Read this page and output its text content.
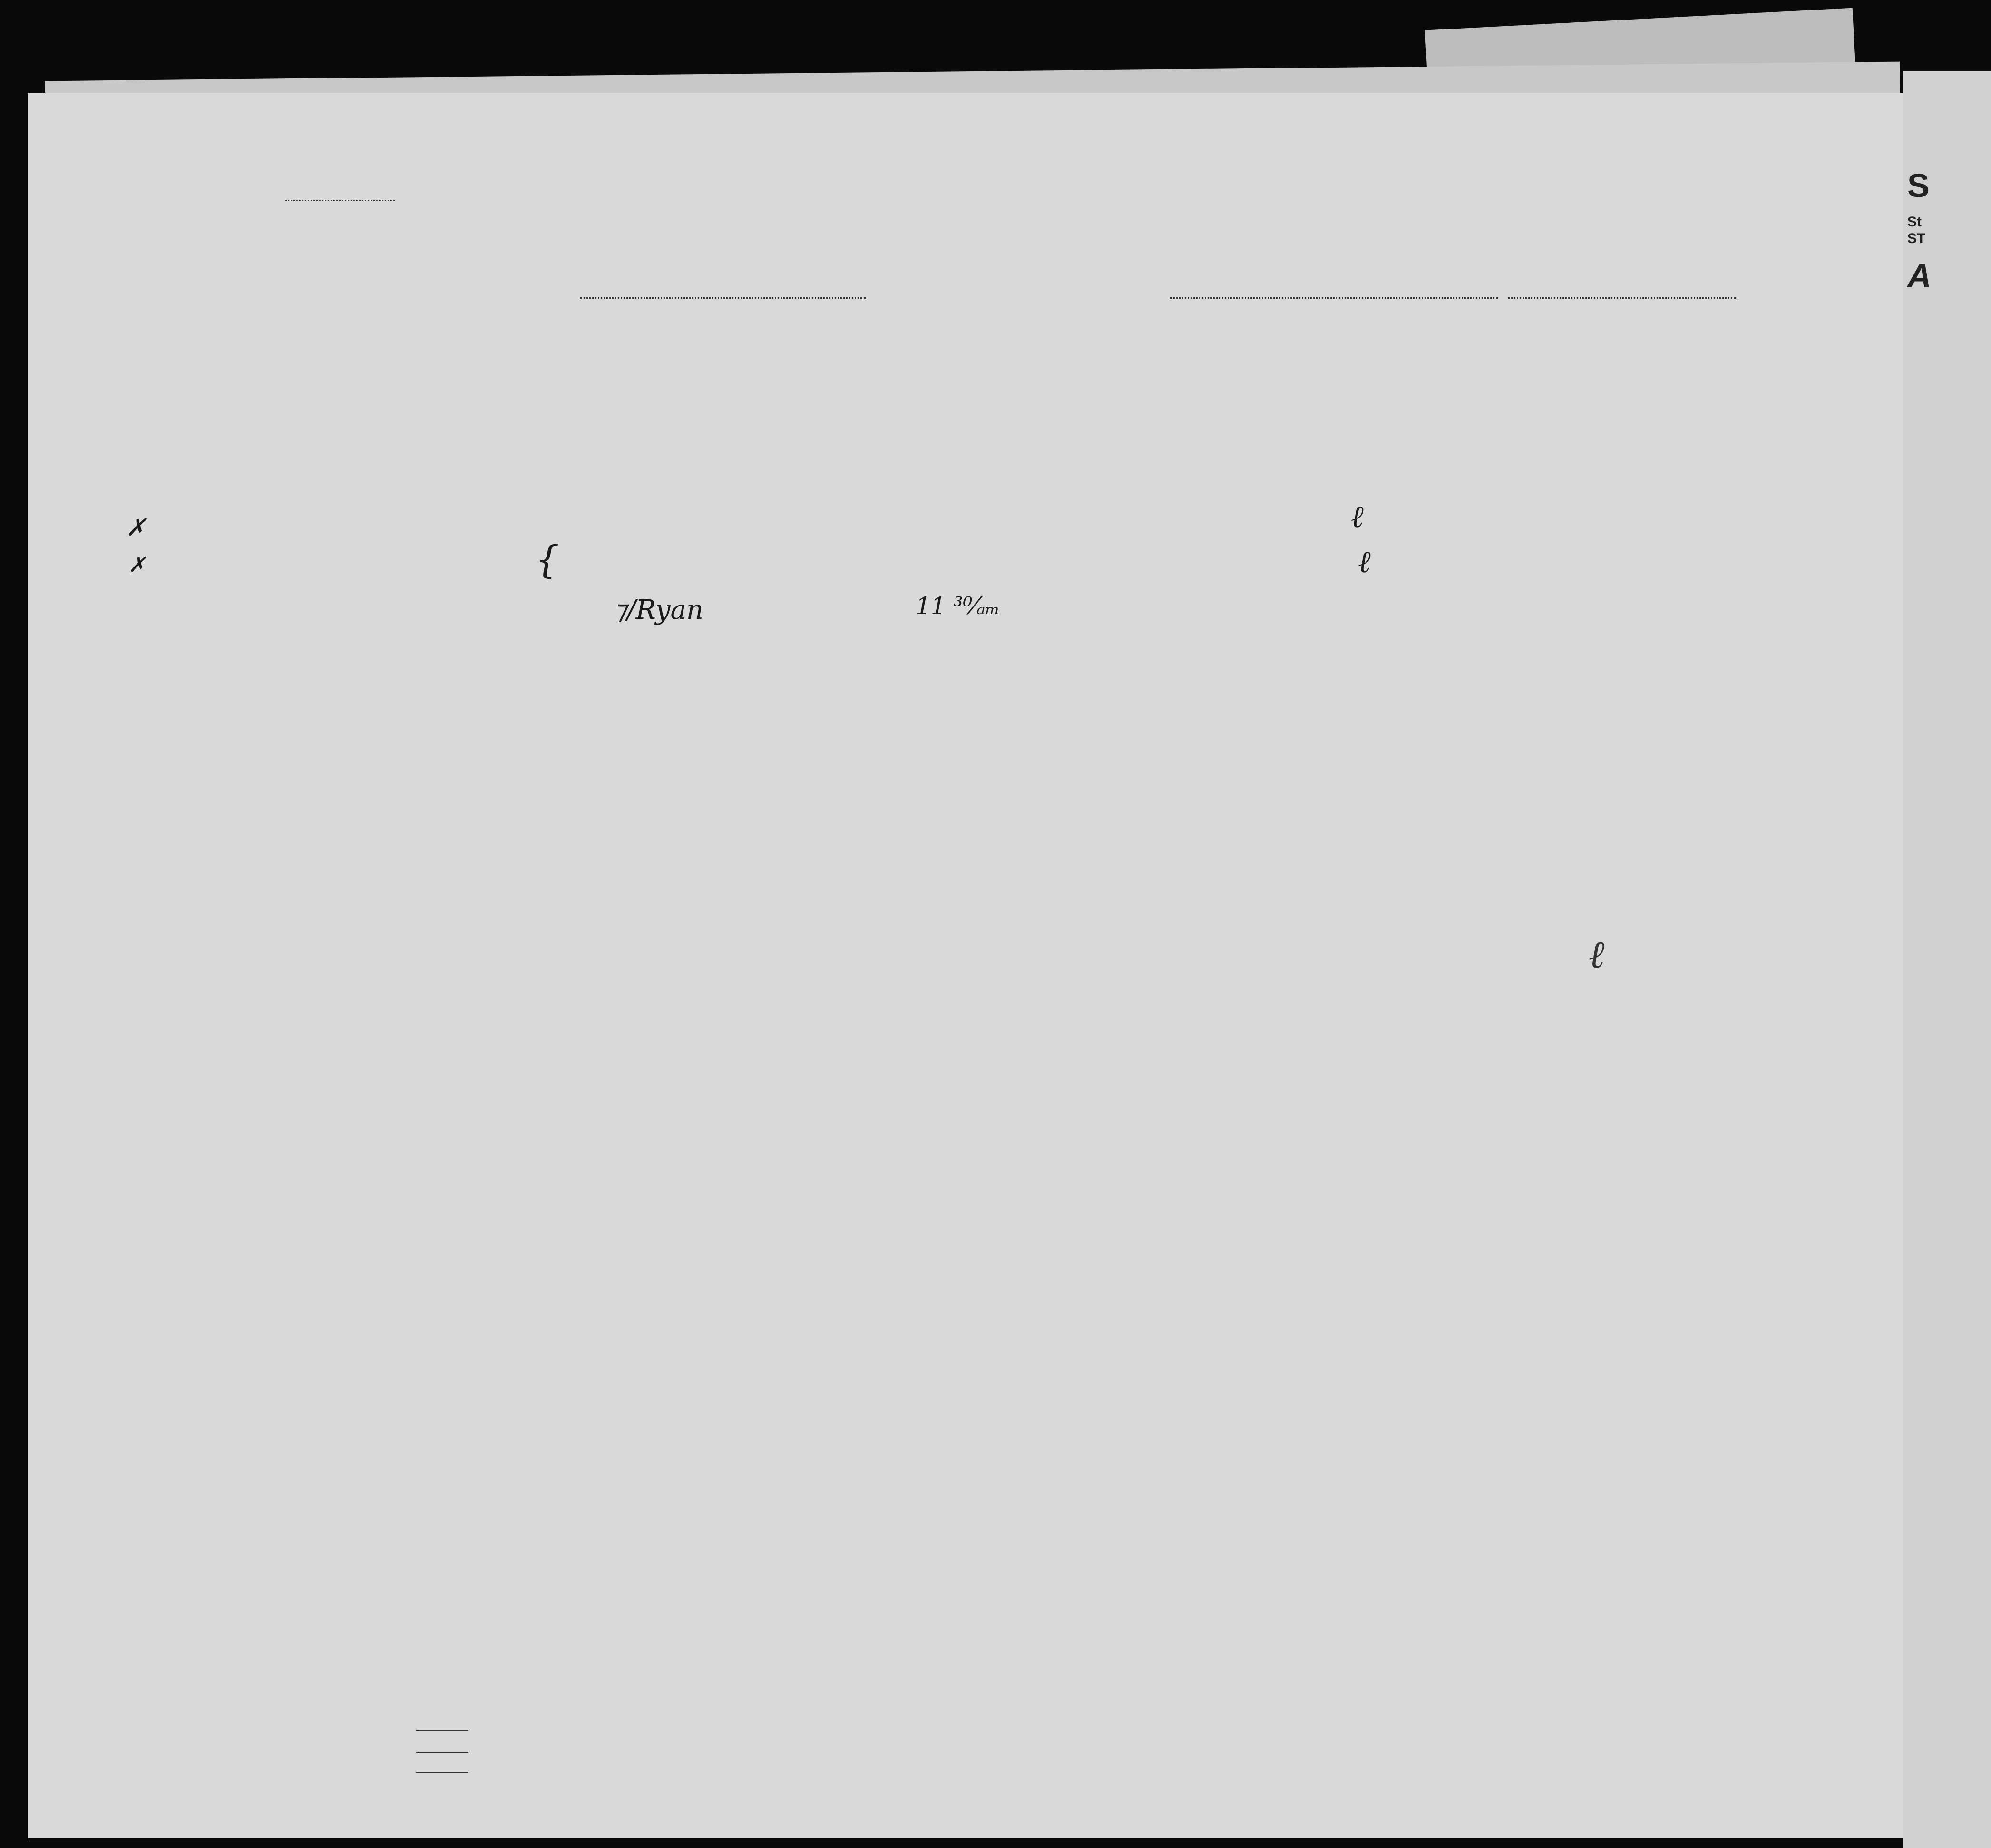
S
St
ST
A
✗
✗
⁊/Ryan	11 ³⁰⁄ₐₘ
{
ℓ
ℓ
ℓ
